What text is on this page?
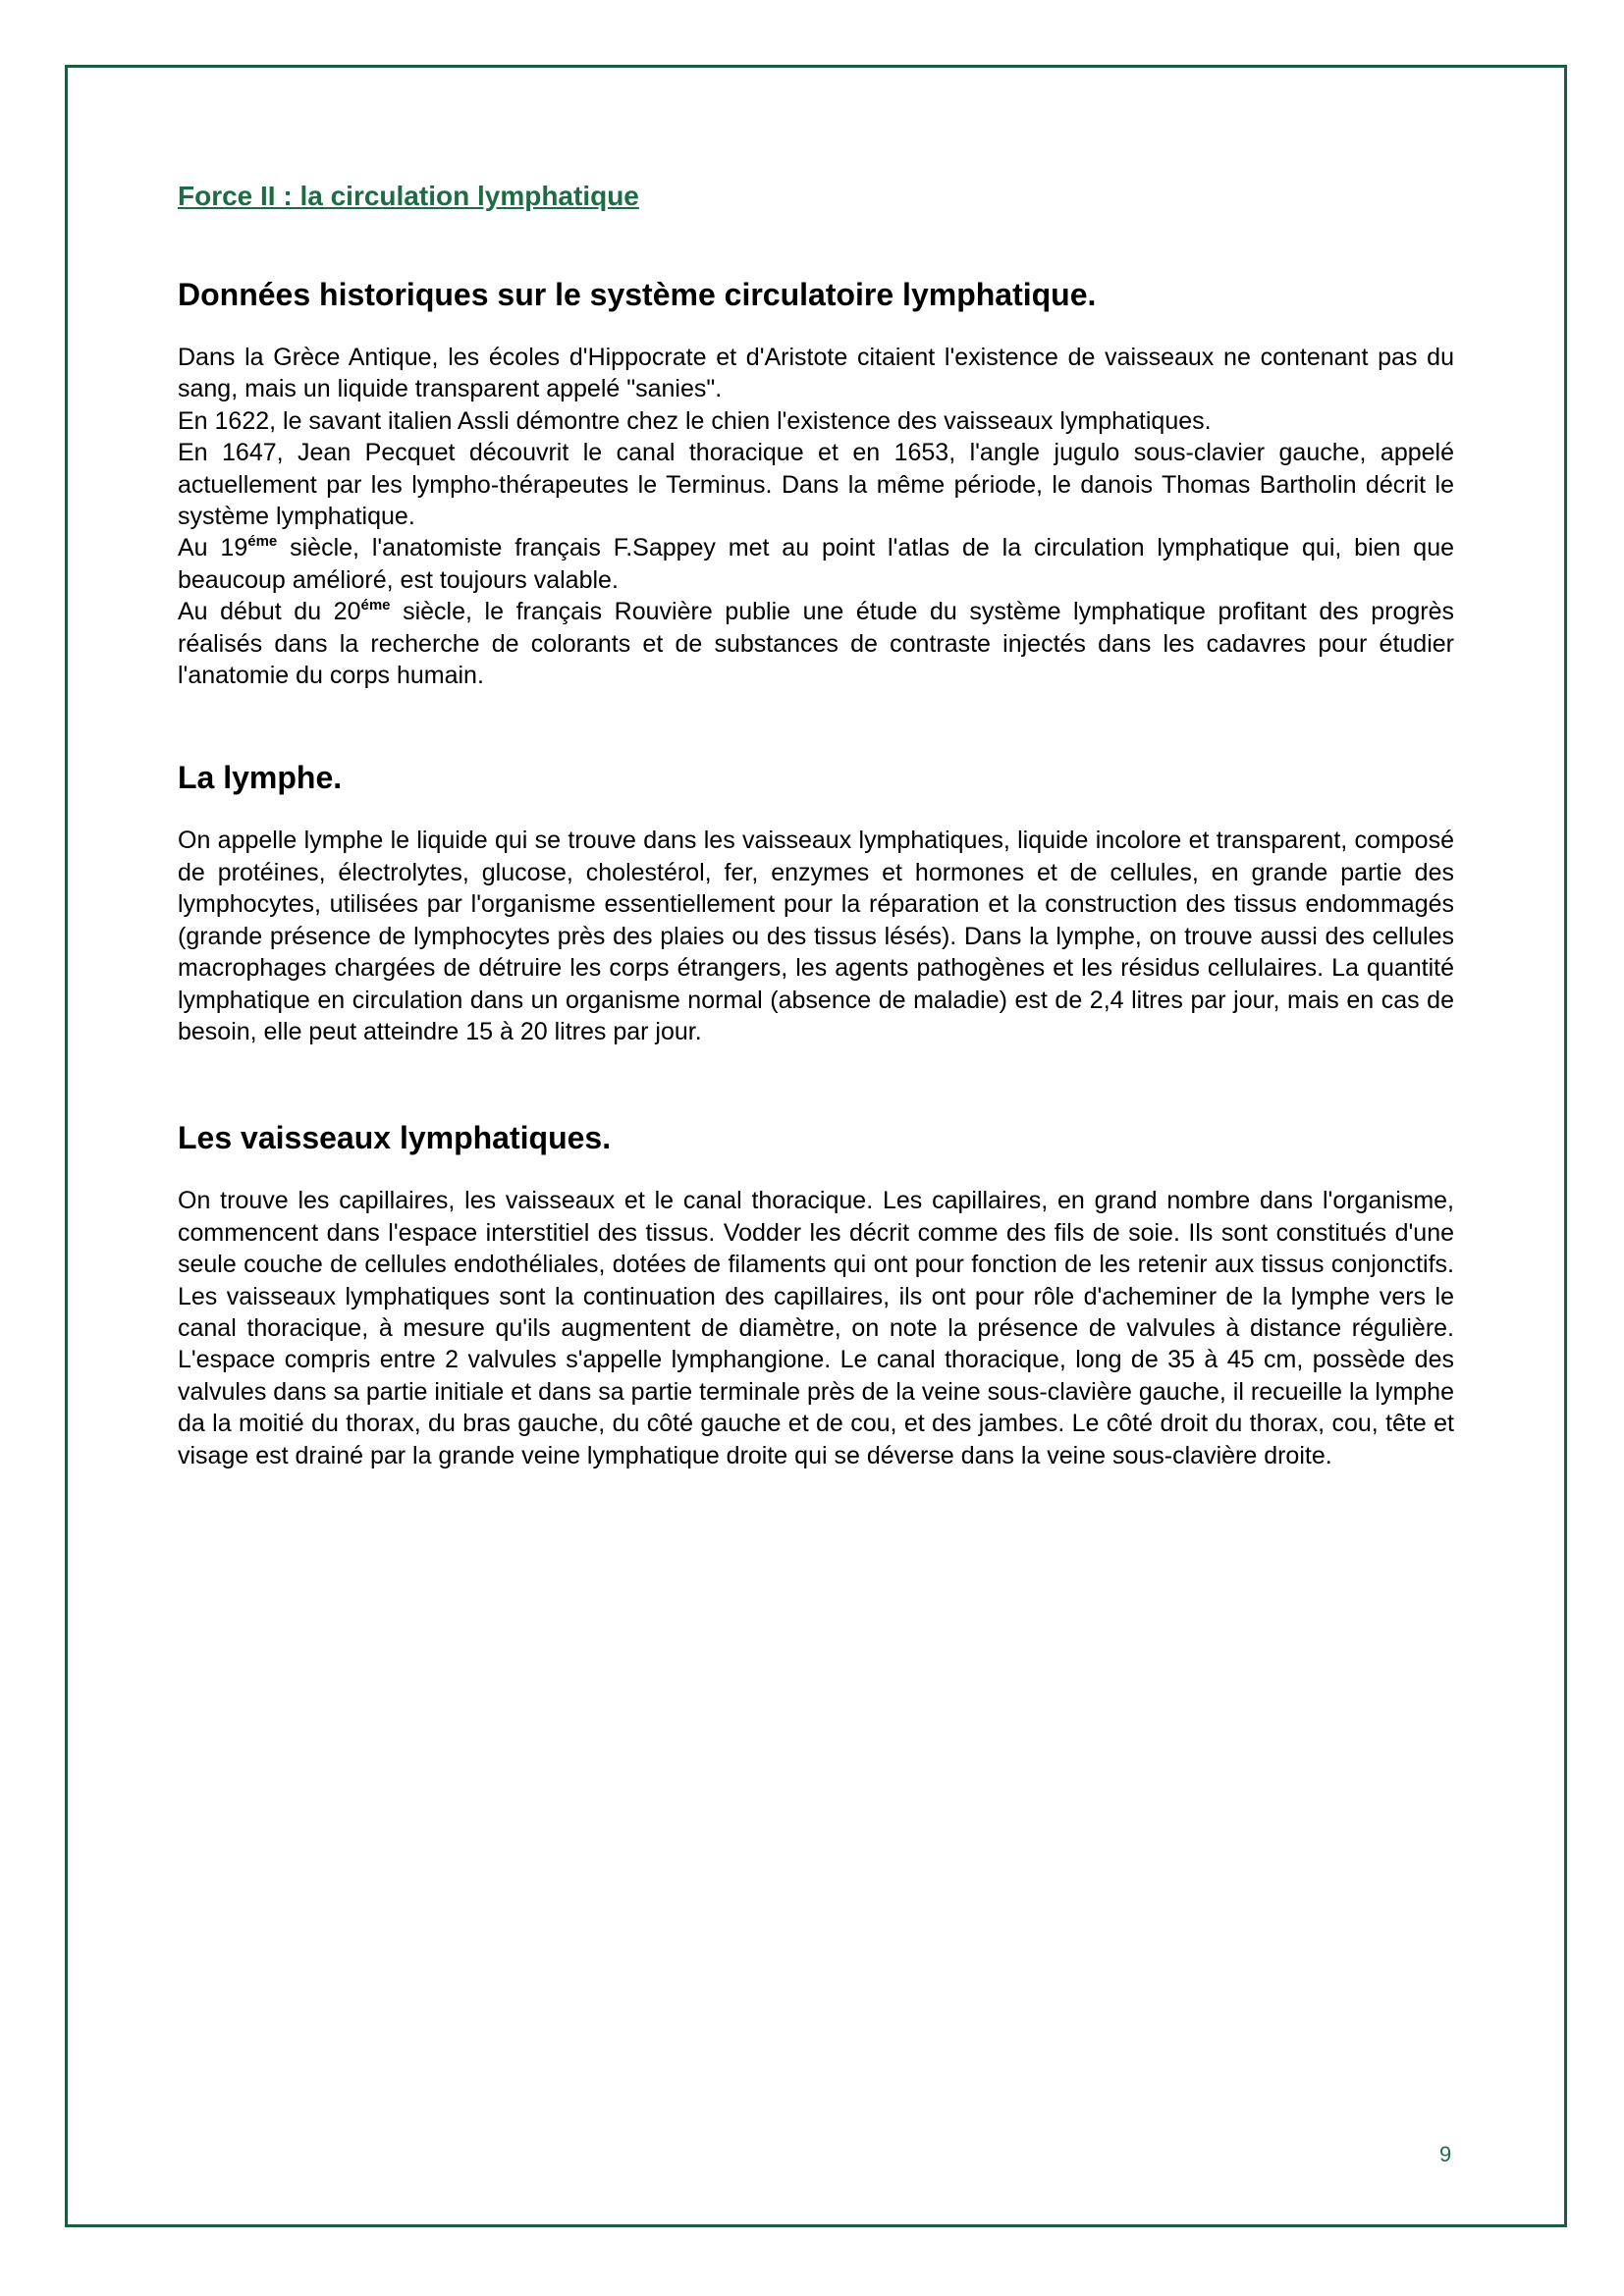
Force II : la circulation lymphatique
Données historiques sur le système circulatoire lymphatique.

Dans la Grèce Antique, les écoles d'Hippocrate et d'Aristote citaient l'existence de vaisseaux ne contenant pas du sang, mais un liquide transparent appelé "sanies".

En 1622, le savant italien Assli démontre chez le chien l'existence des vaisseaux lymphatiques.

En 1647, Jean Pecquet découvrit le canal thoracique et en 1653, l'angle jugulo sous-clavier gauche, appelé actuellement par les lympho-thérapeutes le Terminus. Dans la même période, le danois Thomas Bartholin décrit le système lymphatique.

Au $19^{éme}$ siècle, l'anatomiste français F.Sappey met au point l'atlas de la circulation lymphatique qui, bien que beaucoup amélioré, est toujours valable.

Au début du $20^{éme}$ siècle, le français Rouvière publie une étude du système lymphatique profitant des progrès réalisés dans la recherche de colorants et de substances de contraste injectés dans les cadavres pour étudier l'anatomie du corps humain.

La lymphe.

On appelle lymphe le liquide qui se trouve dans les vaisseaux lymphatiques, liquide incolore et transparent, composé de protéines, électrolytes, glucose, cholestérol, fer, enzymes et hormones et de cellules, en grande partie des lymphocytes, utilisées par l'organisme essentiellement pour la réparation et la construction des tissus endommagés (grande présence de lymphocytes près des plaies ou des tissus lésés). Dans la lymphe, on trouve aussi des cellules macrophages chargées de détruire les corps étrangers, les agents pathogènes et les résidus cellulaires. La quantité lymphatique en circulation dans un organisme normal (absence de maladie) est de 2,4 litres par jour, mais en cas de besoin, elle peut atteindre 15 à 20 litres par jour.

Les vaisseaux lymphatiques.

On trouve les capillaires, les vaisseaux et le canal thoracique. Les capillaires, en grand nombre dans l'organisme, commencent dans l'espace interstitiel des tissus. Vodder les décrit comme des fils de soie. Ils sont constitués d'une seule couche de cellules endothéliales, dotées de filaments qui ont pour fonction de les retenir aux tissus conjonctifs. Les vaisseaux lymphatiques sont la continuation des capillaires, ils ont pour rôle d'acheminer de la lymphe vers le canal thoracique, à mesure qu'ils augmentent de diamètre, on note la présence de valvules à distance régulière. L'espace compris entre 2 valvules s'appelle lymphangione. Le canal thoracique, long de 35 à 45 cm, possède des valvules dans sa partie initiale et dans sa partie terminale près de la veine sous-clavière gauche, il recueille la lymphe da la moitié du thorax, du bras gauche, du côté gauche et de cou, et des jambes. Le côté droit du thorax, cou, tête et visage est drainé par la grande veine lymphatique droite qui se déverse dans la veine sous-clavière droite.

9
